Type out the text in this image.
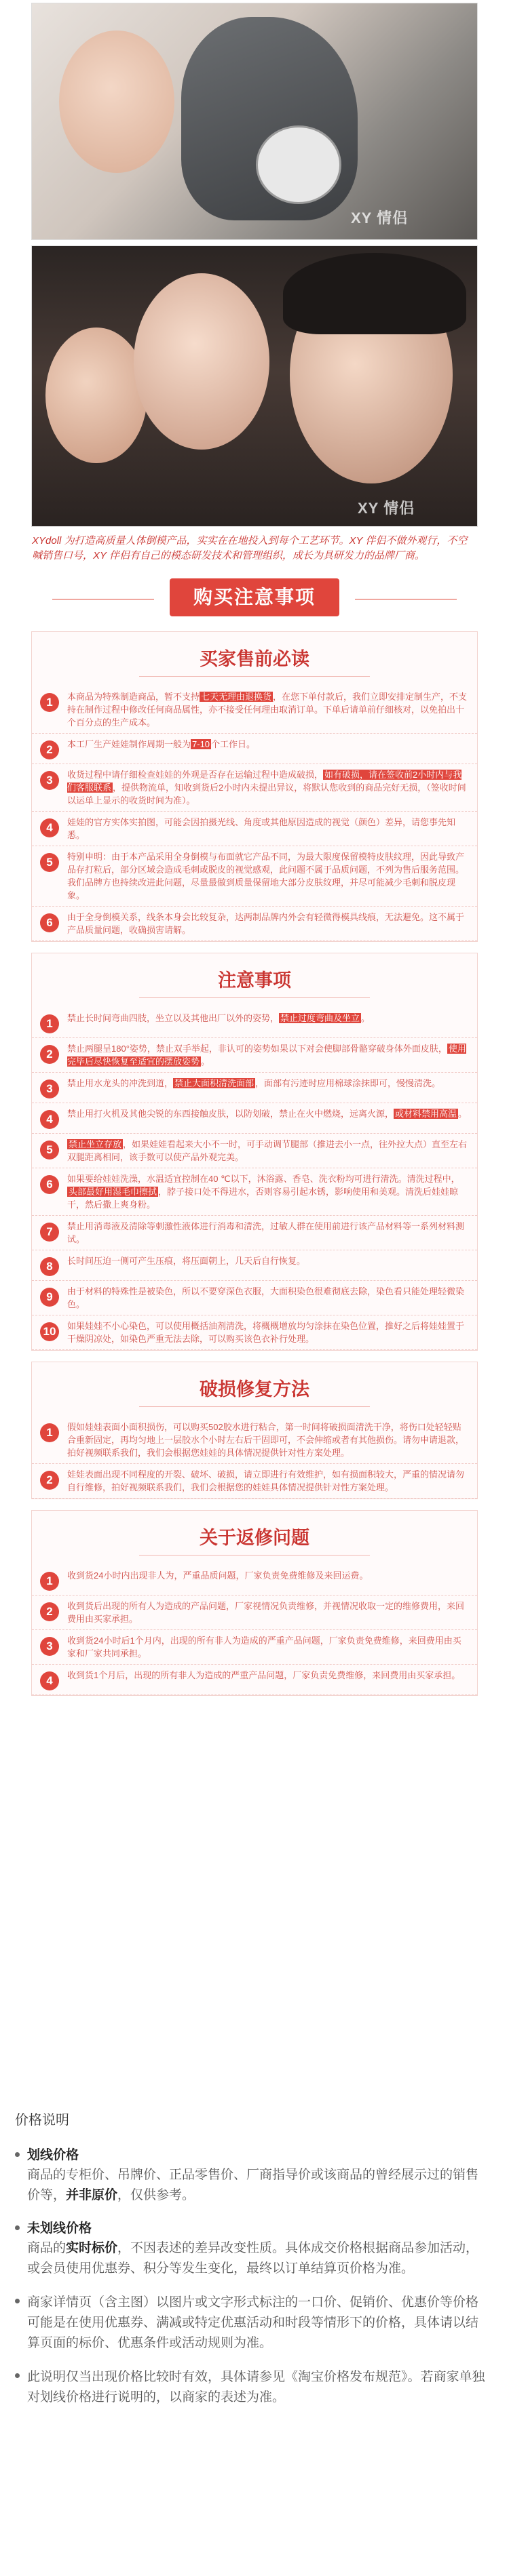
XY 情侣
XY 情侣
XYdoll 为打造高质量人体倒模产品，实实在在地投入到每个工艺环节。XY 伴侣不做外观行，不空喊销售口号，XY 伴侣有自己的模态研发技术和管理组织，成长为具研发力的品牌厂商。
购买注意事项
买家售前必读
1	本商品为特殊制造商品，暂不支持 七天无理由退换货 ，在您下单付款后，我们立即安排定制生产，不支持在制作过程中修改任何商品属性，亦不接受任何理由取消订单。下单后请单前仔细核对，以免拍出十个百分点的生产成本。
2	本工厂生产娃娃制作周期一般为 7-10 个工作日。
3	收货过程中请仔细检查娃娃的外观是否存在运输过程中造成破损， 如有破损，请在签收前2小时内与我们客服联系 ，提供物流单，知收到货后2小时内未提出异议，将默认您收到的商品完好无损，（签收时间以运单上显示的收货时间为准）。
4	娃娃的官方实体实拍图，可能会因拍摄光线、角度或其他原因造成的视觉（颜色）差异，请您事先知悉。
5	特别申明：由于本产品采用全身倒模与布面就它产品不同，为最大限度保留模特皮肤纹理，因此导致产品存打粒后，部分区域会造成毛刺或脱皮的视觉感观，此问题不属于品质问题，不列为售后服务范围。我们品牌方也持续改进此问题，尽量最做到质量保留地大部分皮肤纹理，并尽可能减少毛刺和脱皮现象。
6	由于全身倒模关系，线条本身会比较复杂，达两制品牌内外会有轻微得模具线痕，无法避免。这不属于产品质量问题，收确损害请解。
注意事项
1	禁止长时间弯曲四肢，坐立以及其他出厂以外的姿势， 禁止过度弯曲及坐立 。
2	禁止两腿呈180°姿势，禁止双手举起，非认可的姿势如果以下对会使脚部骨骼穿破身体外面皮肤， 使用完毕后尽快恢复至适宜的摆放姿势 。
3	禁止用水龙头的冲洗到道， 禁止大面积清洗面部 ，面部有污迹时应用棉球涂抹即可，慢慢清洗。
4	禁止用打火机及其他尖锐的东西接触皮肤，以防划破，禁止在火中燃烧，远离火源， 或材料禁用高温 。
5	禁止坐立存放 ，如果娃娃看起来大小不一时，可手动调节腿部（推进去小一点，往外拉大点）直至左右双腿距离相同，该手数可以使产品外观完美。
6	如果要给娃娃洗澡，水温适宜控制在40 ℃以下，沐浴露、香皂、洗衣粉均可进行清洗。清洗过程中，头部最好用湿毛巾擦拭 ，脖子接口处不得进水，否则容易引起水锈，影响使用和美观。清洗后娃娃晾干，然后撒上爽身粉。
7	禁止用消毒液及清除等刺激性液体进行消毒和清洗，过敏人群在使用前进行该产品材料等一系列材料测试。
8	长时间压迫一侧可产生压痕，将压面朝上，几天后自行恢复。
9	由于材料的特殊性是被染色，所以不要穿深色衣服，大面积染色很难彻底去除，染色看只能处理轻微染色。
10	如果娃娃不小心染色，可以使用概括油剂清洗，将概概增放均匀涂抹在染色位置，推好之后将娃娃置于干燥阴凉处，如染色严重无法去除，可以购买该色衣补行处理。
破损修复方法
1	假如娃娃表面小面积损伤，可以购买502胶水进行粘合，第一时间将破损面清洗干净，将伤口处轻轻贴合重新固定，再均匀地上一层胶水个小时左右后干固即可，不会伸缩或者有其他损伤。请勿申请退款，拍好视频联系我们，我们会根据您娃娃的具体情况提供针对性方案处理。
2	娃娃表面出现不同程度的开裂、破坏、破损，请立即进行有效维护，如有损面积较大，严重的情况请勿自行维修，拍好视频联系我们，我们会根据您的娃娃具体情况提供针对性方案处理。
关于返修问题
1	收到货24小时内出现非人为，严重品质问题，厂家负责免费维修及来回运费。
2	收到货后出现的所有人为造成的产品问题，厂家视情况负责维修，并视情况收取一定的维修费用，来回费用由买家承担。
3	收到货24小时后1个月内，出现的所有非人为造成的严重产品问题，厂家负责免费维修，来回费用由买家和厂家共同承担。
4	收到货1个月后，出现的所有非人为造成的严重产品问题，厂家负责免费维修，来回费用由买家承担。
价格说明
划线价格
商品的专柜价、吊牌价、正品零售价、厂商指导价或该商品的曾经展示过的销售价等，并非原价，仅供参考。
未划线价格
商品的实时标价，不因表述的差异改变性质。具体成交价格根据商品参加活动，或会员使用优惠券、积分等发生变化，最终以订单结算页价格为准。
商家详情页（含主图）以图片或文字形式标注的一口价、促销价、优惠价等价格可能是在使用优惠券、满减或特定优惠活动和时段等情形下的价格，具体请以结算页面的标价、优惠条件或活动规则为准。
此说明仅当出现价格比较时有效，具体请参见《淘宝价格发布规范》。若商家单独对划线价格进行说明的，以商家的表述为准。
